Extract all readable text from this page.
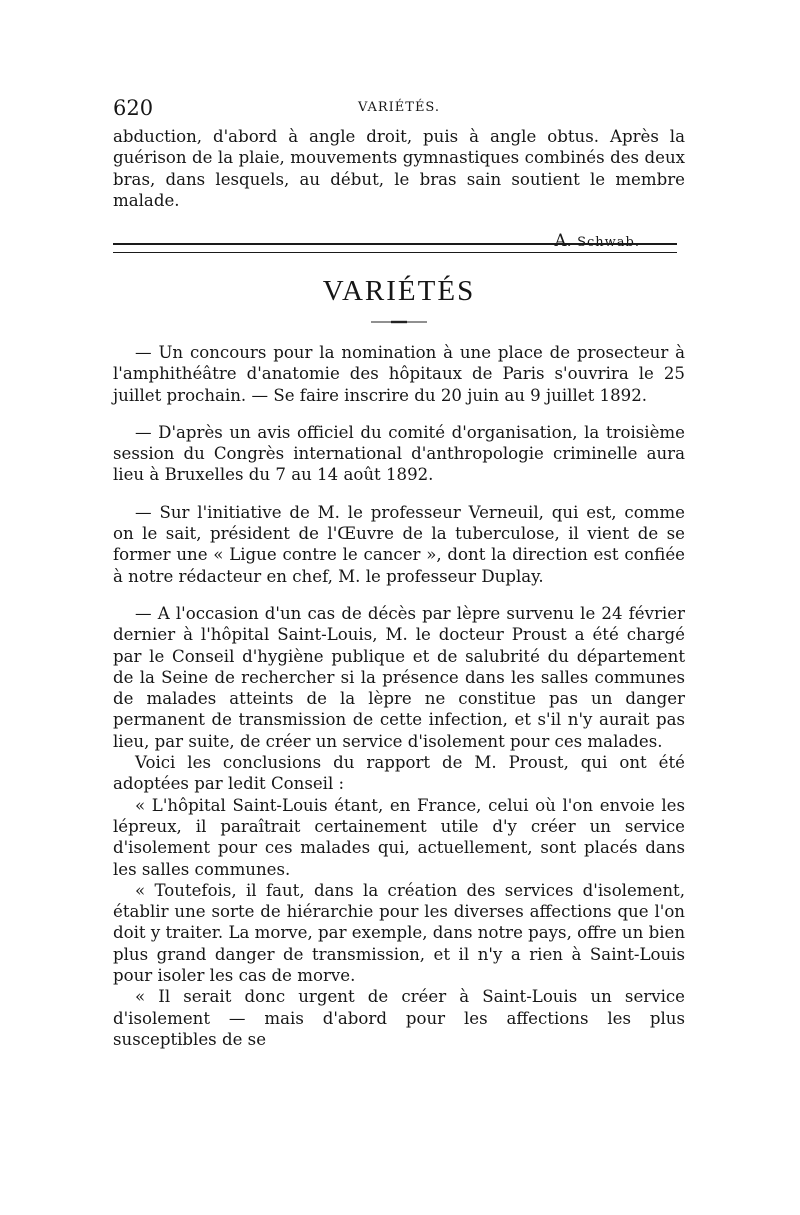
620	VARIÉTÉS.

abduction, d'abord à angle droit, puis à angle obtus. Après la guérison de la plaie, mouvements gymnastiques combinés des deux bras, dans lesquels, au début, le bras sain soutient le membre malade.

A. Schwab.
VARIÉTÉS

— Un concours pour la nomination à une place de prosecteur à l'amphithéâtre d'anatomie des hôpitaux de Paris s'ouvrira le 25 juillet prochain. — Se faire inscrire du 20 juin au 9 juillet 1892.

— D'après un avis officiel du comité d'organisation, la troisième session du Congrès international d'anthropologie criminelle aura lieu à Bruxelles du 7 au 14 août 1892.

— Sur l'initiative de M. le professeur Verneuil, qui est, comme on le sait, président de l'Œuvre de la tuberculose, il vient de se former une « Ligue contre le cancer », dont la direction est confiée à notre rédacteur en chef, M. le professeur Duplay.

— A l'occasion d'un cas de décès par lèpre survenu le 24 février dernier à l'hôpital Saint-Louis, M. le docteur Proust a été chargé par le Conseil d'hygiène publique et de salubrité du département de la Seine de rechercher si la présence dans les salles communes de malades atteints de la lèpre ne constitue pas un danger permanent de transmission de cette infection, et s'il n'y aurait pas lieu, par suite, de créer un service d'isolement pour ces malades.

Voici les conclusions du rapport de M. Proust, qui ont été adoptées par ledit Conseil :

« L'hôpital Saint-Louis étant, en France, celui où l'on envoie les lépreux, il paraîtrait certainement utile d'y créer un service d'isolement pour ces malades qui, actuellement, sont placés dans les salles communes.

« Toutefois, il faut, dans la création des services d'isolement, établir une sorte de hiérarchie pour les diverses affections que l'on doit y traiter. La morve, par exemple, dans notre pays, offre un bien plus grand danger de transmission, et il n'y a rien à Saint-Louis pour isoler les cas de morve.

« Il serait donc urgent de créer à Saint-Louis un service d'isolement — mais d'abord pour les affections les plus susceptibles de se
